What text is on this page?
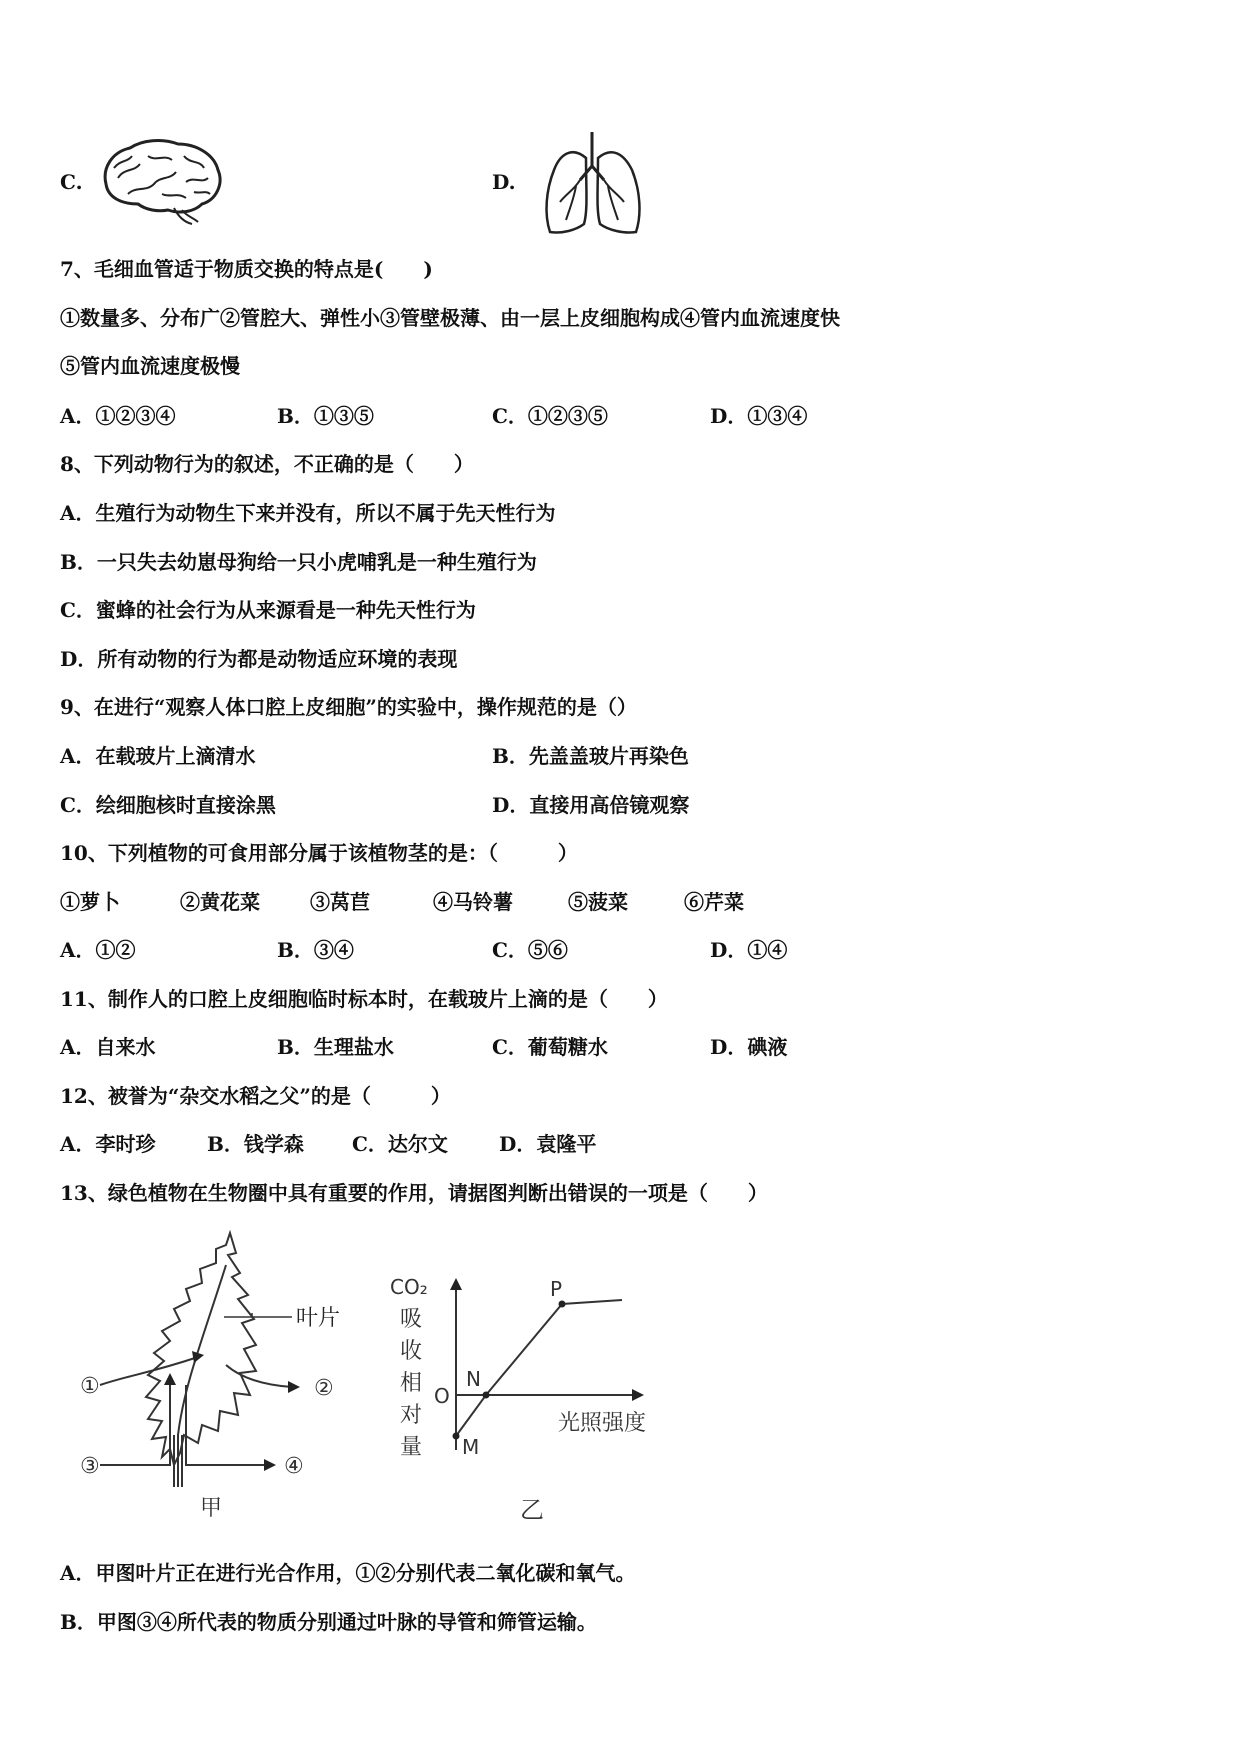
C.	D.
7、毛细血管适于物质交换的特点是(　　)
①数量多、分布广②管腔大、弹性小③管壁极薄、由一层上皮细胞构成④管内血流速度快
⑤管内血流速度极慢
A．①②③④	B．①③⑤	C．①②③⑤	D．①③④
8、下列动物行为的叙述，不正确的是（　　）
A．生殖行为动物生下来并没有，所以不属于先天性行为
B．一只失去幼崽母狗给一只小虎哺乳是一种生殖行为
C．蜜蜂的社会行为从来源看是一种先天性行为
D．所有动物的行为都是动物适应环境的表现
9、在进行“观察人体口腔上皮细胞”的实验中，操作规范的是（）
A．在载玻片上滴清水	B．先盖盖玻片再染色
C．绘细胞核时直接涂黑	D．直接用高倍镜观察
10、下列植物的可食用部分属于该植物茎的是：（　　　）
①萝卜	②黄花菜	③莴苣	④马铃薯	⑤菠菜	⑥芹菜
A．①②	B．③④	C．⑤⑥	D．①④
11、制作人的口腔上皮细胞临时标本时，在载玻片上滴的是（　　）
A．自来水	B．生理盐水	C．葡萄糖水	D．碘液
12、被誉为“杂交水稻之父”的是（　　　）
A．李时珍	B．钱学森 C．达尔文	D．袁隆平
13、绿色植物在生物圈中具有重要的作用，请据图判断出错误的一项是（　　）
叶片
①	②
③	④
甲
CO₂
吸
收
相
对
量
O
光照强度
M
N
P
乙
A．甲图叶片正在进行光合作用，①②分别代表二氧化碳和氧气。
B．甲图③④所代表的物质分别通过叶脉的导管和筛管运输。
